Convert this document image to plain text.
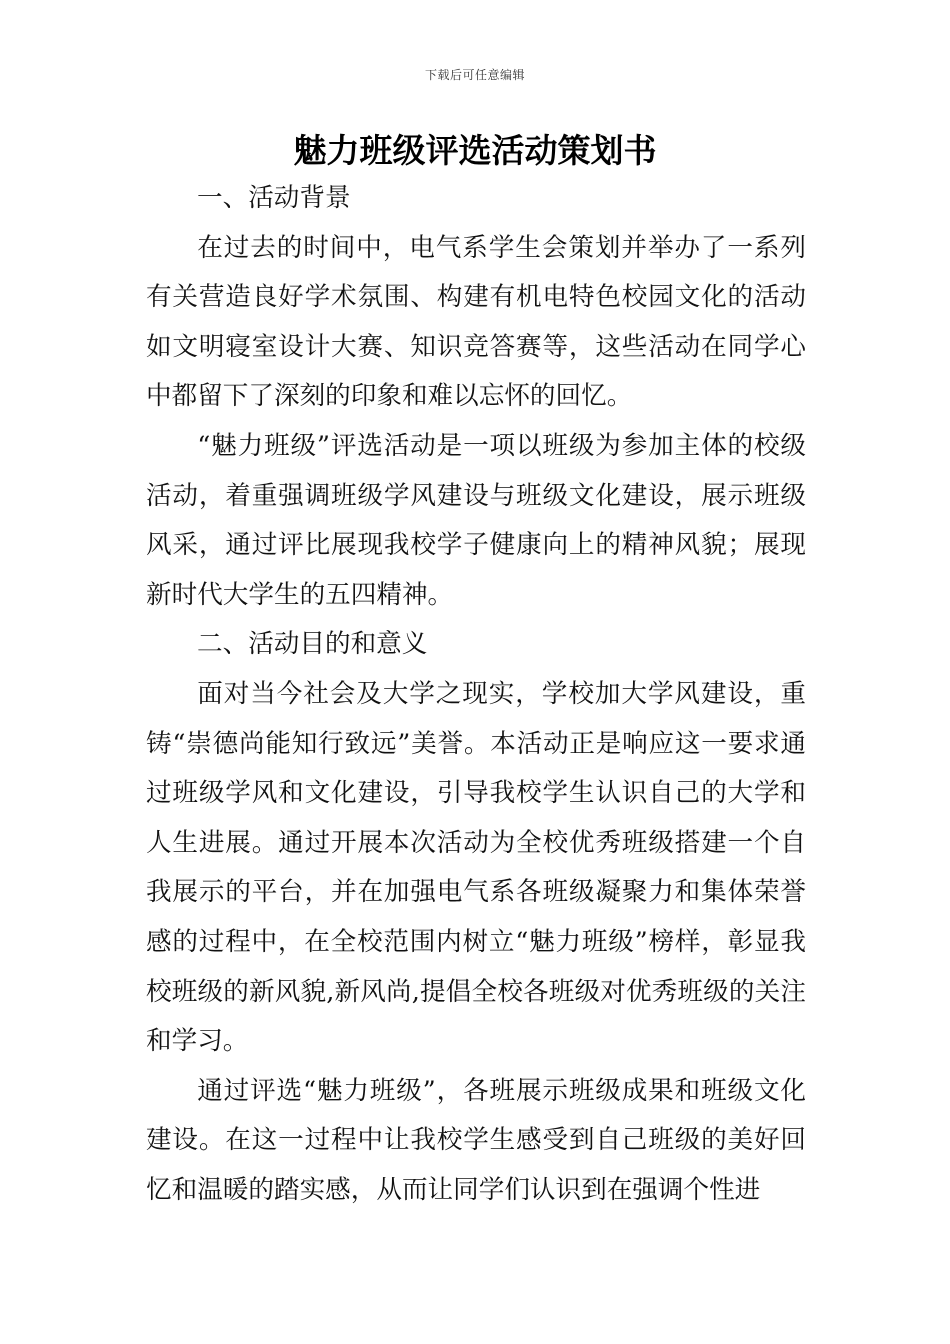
下载后可任意编辑
魅力班级评选活动策划书
一、活动背景

在过去的时间中，电气系学生会策划并举办了一系列有关营造良好学术氛围、构建有机电特色校园文化的活动如文明寝室设计大赛、知识竞答赛等，这些活动在同学心中都留下了深刻的印象和难以忘怀的回忆。

“魅力班级”评选活动是一项以班级为参加主体的校级活动，着重强调班级学风建设与班级文化建设，展示班级风采，通过评比展现我校学子健康向上的精神风貌；展现新时代大学生的五四精神。

二、活动目的和意义

面对当今社会及大学之现实，学校加大学风建设，重铸“崇德尚能知行致远”美誉。本活动正是响应这一要求通过班级学风和文化建设，引导我校学生认识自己的大学和人生进展。通过开展本次活动为全校优秀班级搭建一个自我展示的平台，并在加强电气系各班级凝聚力和集体荣誉感的过程中，在全校范围内树立“魅力班级”榜样，彰显我校班级的新风貌,新风尚,提倡全校各班级对优秀班级的关注和学习。

通过评选“魅力班级”，各班展示班级成果和班级文化建设。在这一过程中让我校学生感受到自己班级的美好回忆和温暖的踏实感，从而让同学们认识到在强调个性进
